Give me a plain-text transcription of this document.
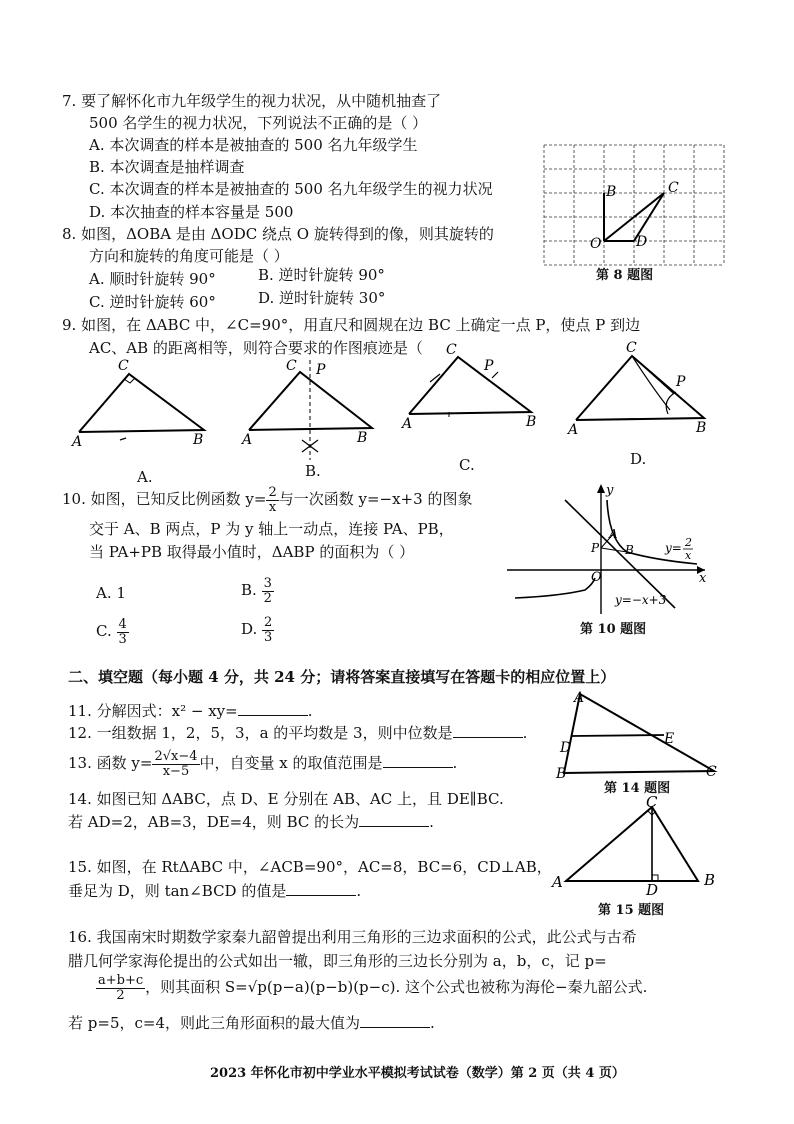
7. 要了解怀化市九年级学生的视力状况，从中随机抽查了
500 名学生的视力状况，下列说法不正确的是（ ）
A. 本次调查的样本是被抽查的 500 名九年级学生
B. 本次调查是抽样调查
C. 本次调查的样本是被抽查的 500 名九年级学生的视力状况
D. 本次抽查的样本容量是 500
B	C
O D
第 8 题图
8. 如图，ΔOBA 是由 ΔODC 绕点 O 旋转得到的像，则其旋转的
方向和旋转的角度可能是（ ）
A. 顺时针旋转 90°	B. 逆时针旋转 90°
C. 逆时针旋转 60°	D. 逆时针旋转 30°
9. 如图，在 ΔABC 中，∠C=90°，用直尺和圆规在边 BC 上确定一点 P，使点 P 到边
AC、AB 的距离相等，则符合要求的作图痕迹是（
A
C
B	A
C P
B
A
C
P
B A
C
P
B
A.	B.	C.	D.
10. 如图，已知反比例函数 $y= \frac{2}{x}$ 与一次函数 y=−x+3 的图象
交于 A、B 两点，P 为 y 轴上一动点，连接 PA、PB，
当 PA+PB 取得最小值时，ΔABP 的面积为（ ）
A. 1	B. $\frac{3}{2}$
C. $\frac{4}{3}$	D. $\frac{2}{3}$
y
x
O
A
P B	y= 2
x
y=−x+3
第 10 题图
二、填空题（每小题 4 分，共 24 分；请将答案直接填写在答题卡的相应位置上）
11. 分解因式：x² − xy=	.
12. 一组数据 1，2，5，3，a 的平均数是 3，则中位数是	.
13. 函数 $y= \frac{2√x-4}{x-5}$ 中，自变量 x 的取值范围是	.
A
D
E
B	C
第 14 题图
14. 如图已知 ΔABC，点 D、E 分别在 AB、AC 上，且 DE∥BC.
若 AD=2，AB=3，DE=4，则 BC 的长为	.
C
A	D
B
第 15 题图
15. 如图，在 RtΔABC 中，∠ACB=90°，AC=8，BC=6，CD⊥AB，
垂足为 D，则 tan∠BCD 的值是	.
16. 我国南宋时期数学家秦九韶曾提出利用三角形的三边求面积的公式，此公式与古希
腊几何学家海伦提出的公式如出一辙，即三角形的三边长分别为 a，b，c，记 p=
$\frac{a+b+c}{2}$ ，则其面积 S=√p(p−a)(p−b)(p−c). 这个公式也被称为海伦−秦九韶公式.
若 p=5，c=4，则此三角形面积的最大值为	.
2023 年怀化市初中学业水平模拟考试试卷（数学）第 2 页（共 4 页）
